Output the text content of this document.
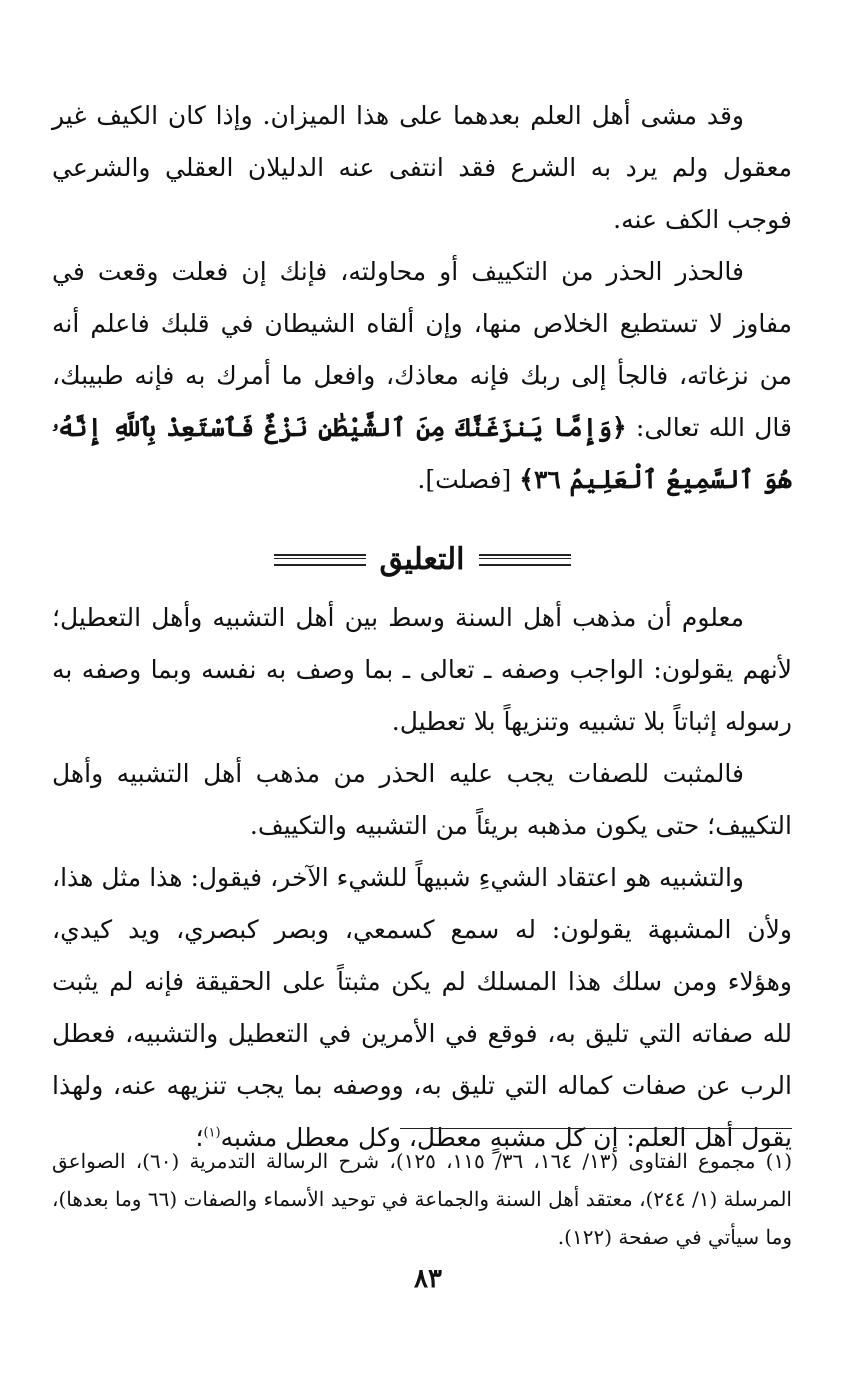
وقد مشى أهل العلم بعدهما على هذا الميزان. وإذا كان الكيف غير معقول ولم يرد به الشرع فقد انتفى عنه الدليلان العقلي والشرعي فوجب الكف عنه.

فالحذر الحذر من التكييف أو محاولته، فإنك إن فعلت وقعت في مفاوز لا تستطيع الخلاص منها، وإن ألقاه الشيطان في قلبك فاعلم أنه من نزغاته، فالجأ إلى ربك فإنه معاذك، وافعل ما أمرك به فإنه طبيبك، قال الله تعالى: ﴿وَإِمَّا يَنزَغَنَّكَ مِنَ ٱلشَّيْطَٰنِ نَزْغٌ فَٱسْتَعِذْ بِٱللَّهِ إِنَّهُۥ هُوَ ٱلسَّمِيعُ ٱلْعَلِيمُ ٣٦﴾ [فصلت].

التعليق

معلوم أن مذهب أهل السنة وسط بين أهل التشبيه وأهل التعطيل؛ لأنهم يقولون: الواجب وصفه ـ تعالى ـ بما وصف به نفسه وبما وصفه به رسوله إثباتاً بلا تشبيه وتنزيهاً بلا تعطيل.

فالمثبت للصفات يجب عليه الحذر من مذهب أهل التشبيه وأهل التكييف؛ حتى يكون مذهبه بريئاً من التشبيه والتكييف.

والتشبيه هو اعتقاد الشيءِ شبيهاً للشيء الآخر، فيقول: هذا مثل هذا، ولأن المشبهة يقولون: له سمع كسمعي، وبصر كبصري، ويد كيدي، وهؤلاء ومن سلك هذا المسلك لم يكن مثبتاً على الحقيقة فإنه لم يثبت لله صفاته التي تليق به، فوقع في الأمرين في التعطيل والتشبيه، فعطل الرب عن صفات كماله التي تليق به، ووصفه بما يجب تنزيهه عنه، ولهذا يقول أهل العلم: إن كل مشبهٍ معطل، وكل معطل مشبه$^{(١)}$؛

(١) مجموع الفتاوى (١٣/ ١٦٤، ٣٦/ ١١٥، ١٢٥)، شرح الرسالة التدمرية (٦٠)، الصواعق المرسلة (١/ ٢٤٤)، معتقد أهل السنة والجماعة في توحيد الأسماء والصفات (٦٦ وما بعدها)، وما سيأتي في صفحة (١٢٢).
٨٣
